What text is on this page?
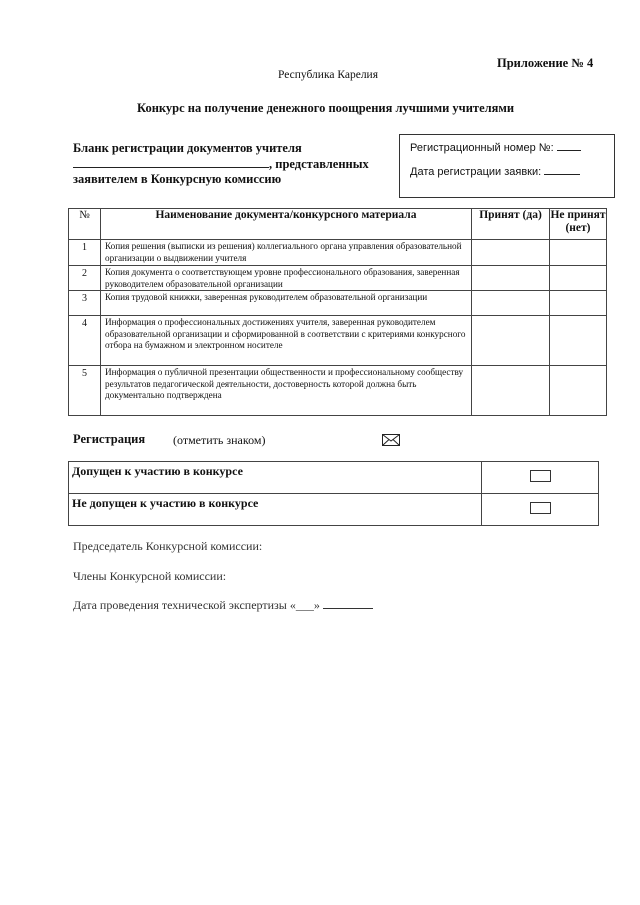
Приложение № 4
Республика Карелия
Конкурс на получение денежного поощрения лучшими учителями
Бланк регистрации документов учителя
, представленных
заявителем в Конкурсную комиссию
Регистрационный номер №:
Дата регистрации заявки:
№	Наименование документа/конкурсного материала	Принят (да)	Не принят (нет)
1	Копия решения (выписки из решения) коллегиального органа управления образовательной организации о выдвижении учителя		
2	Копия документа о соответствующем уровне профессионального образования, заверенная руководителем образовательной организации		
3	Копия трудовой книжки, заверенная руководителем образовательной организации		
4	Информация о профессиональных достижениях учителя, заверенная руководителем образовательной организации и сформированной в соответствии с критериями конкурсного отбора на бумажном и электронном носителе		
5	Информация о публичной презентации общественности и профессиональному сообществу результатов педагогической деятельности, достоверность которой должна быть документально подтверждена		
Регистрация (отметить знаком)
Допущен к участию в конкурсе	
Не допущен к участию в конкурсе	
Председатель Конкурсной комиссии:
Члены Конкурсной комиссии:
Дата проведения технической экспертизы «___»
